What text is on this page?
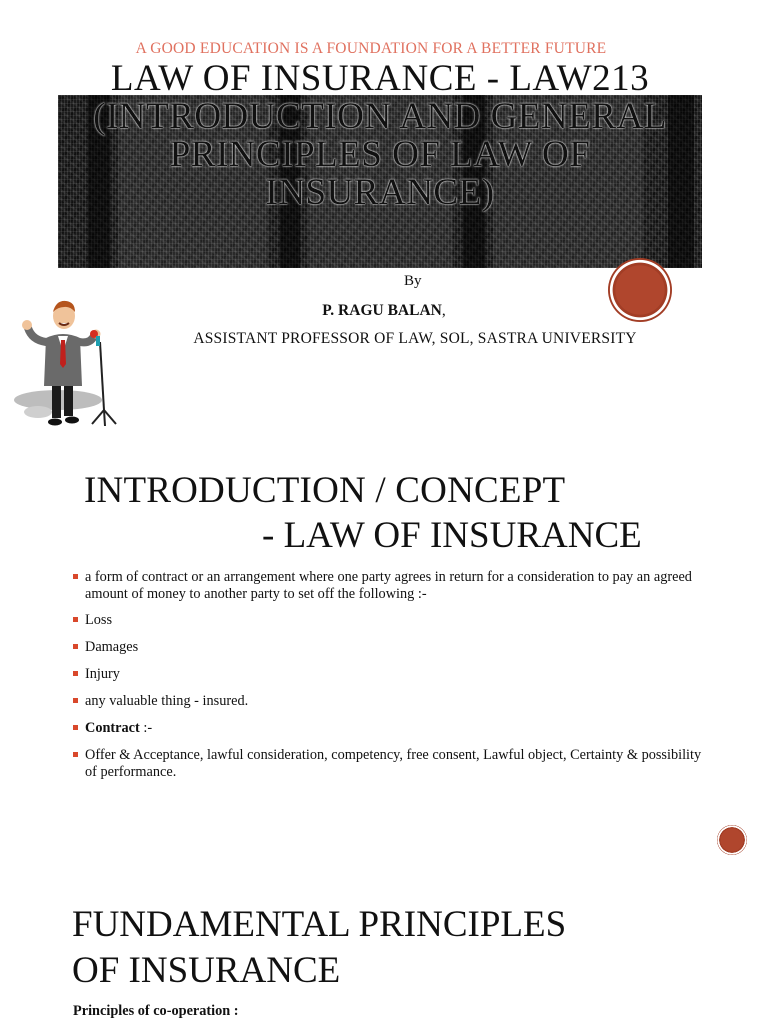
A GOOD EDUCATION IS A FOUNDATION FOR A BETTER FUTURE
LAW OF INSURANCE - LAW213
(INTRODUCTION AND GENERAL
PRINCIPLES OF LAW OF
INSURANCE)
By
P. RAGU BALAN,
ASSISTANT PROFESSOR OF LAW, SOL, SASTRA UNIVERSITY
INTRODUCTION / CONCEPT
- LAW OF INSURANCE
a form of contract or an arrangement where one party agrees in return for a consideration to pay an agreed amount of money to another party to set off the following :-
Loss
Damages
Injury
any valuable thing - insured.
Contract :-
Offer & Acceptance, lawful consideration, competency, free consent, Lawful object, Certainty & possibility of performance.
FUNDAMENTAL PRINCIPLES
OF INSURANCE
Principles of co-operation :
